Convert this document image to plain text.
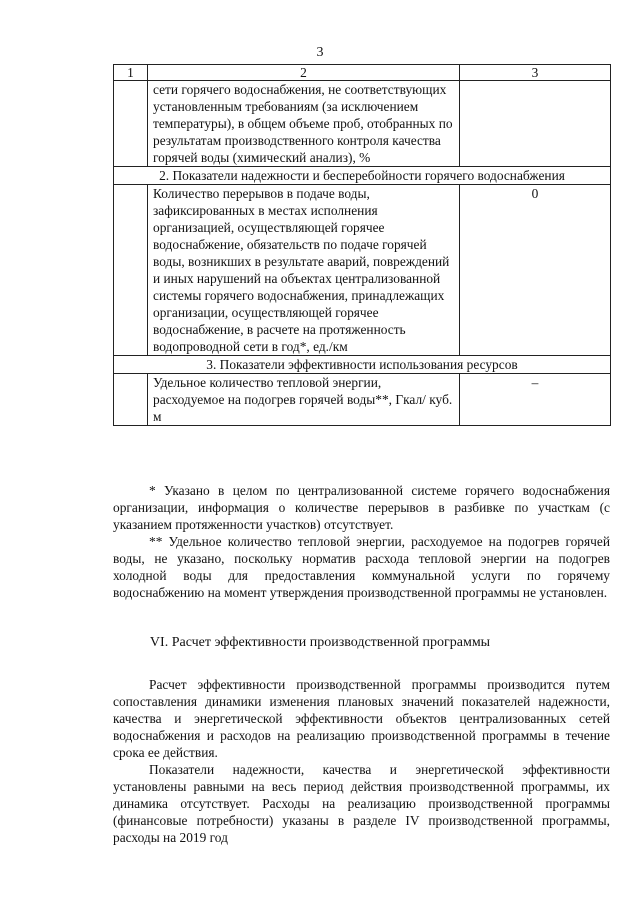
3
1	2	3
	сети горячего водоснабжения, не соответствующих установленным требованиям (за исключением температуры), в общем объеме проб, отобранных по результатам производственного контроля качества горячей воды (химический анализ), %	
2. Показатели надежности и бесперебойности горячего водоснабжения		
	Количество перерывов в подаче воды, зафиксированных в местах исполнения организацией, осуществляющей горячее водоснабжение, обязательств по подаче горячей воды, возникших в результате аварий, повреждений и иных нарушений на объектах централизованной системы горячего водоснабжения, принадлежащих организации, осуществляющей горячее водоснабжение, в расчете на протяженность водопроводной сети в год*, ед./км	0
3. Показатели эффективности использования ресурсов		
	Удельное количество тепловой энергии, расходуемое на подогрев горячей воды**, Гкал/ куб. м	–

* Указано в целом по централизованной системе горячего водоснабжения организации, информация о количестве перерывов в разбивке по участкам (с указанием протяженности участков) отсутствует.

** Удельное количество тепловой энергии, расходуемое на подогрев горячей воды, не указано, поскольку норматив расхода тепловой энергии на подогрев холодной воды для предоставления коммунальной услуги по горячему водоснабжению на момент утверждения производственной программы не установлен.

VI. Расчет эффективности производственной программы

Расчет эффективности производственной программы производится путем сопоставления динамики изменения плановых значений показателей надежности, качества и энергетической эффективности объектов централизованных сетей водоснабжения и расходов на реализацию производственной программы в течение срока ее действия.

Показатели надежности, качества и энергетической эффективности установлены равными на весь период действия производственной программы, их динамика отсутствует. Расходы на реализацию производственной программы (финансовые потребности) указаны в разделе IV производственной программы, расходы на 2019 год
